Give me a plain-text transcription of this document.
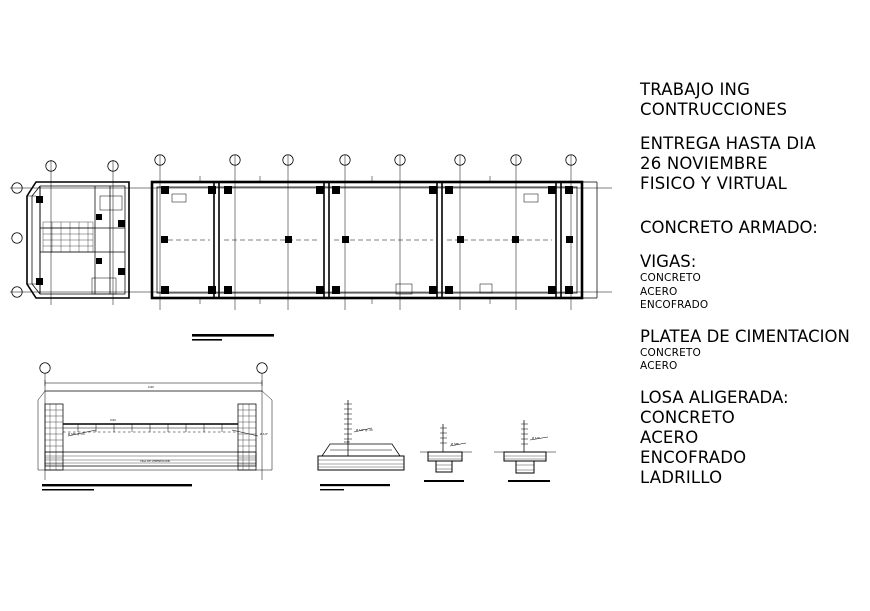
Ø 3/8" @ .20	Ø 1/2"
VIGA DE CIMENTACION
0.60
0.60
Ø 1/2" @ .20
0.60
Ø 3/8"
Ø 1/2"
TRABAJO ING
CONTRUCCIONES
ENTREGA HASTA DIA
26 NOVIEMBRE
FISICO Y VIRTUAL
CONCRETO ARMADO:
VIGAS:
CONCRETO
ACERO
ENCOFRADO
PLATEA DE CIMENTACION
CONCRETO
ACERO
LOSA ALIGERADA:
CONCRETO
ACERO
ENCOFRADO
LADRILLO
